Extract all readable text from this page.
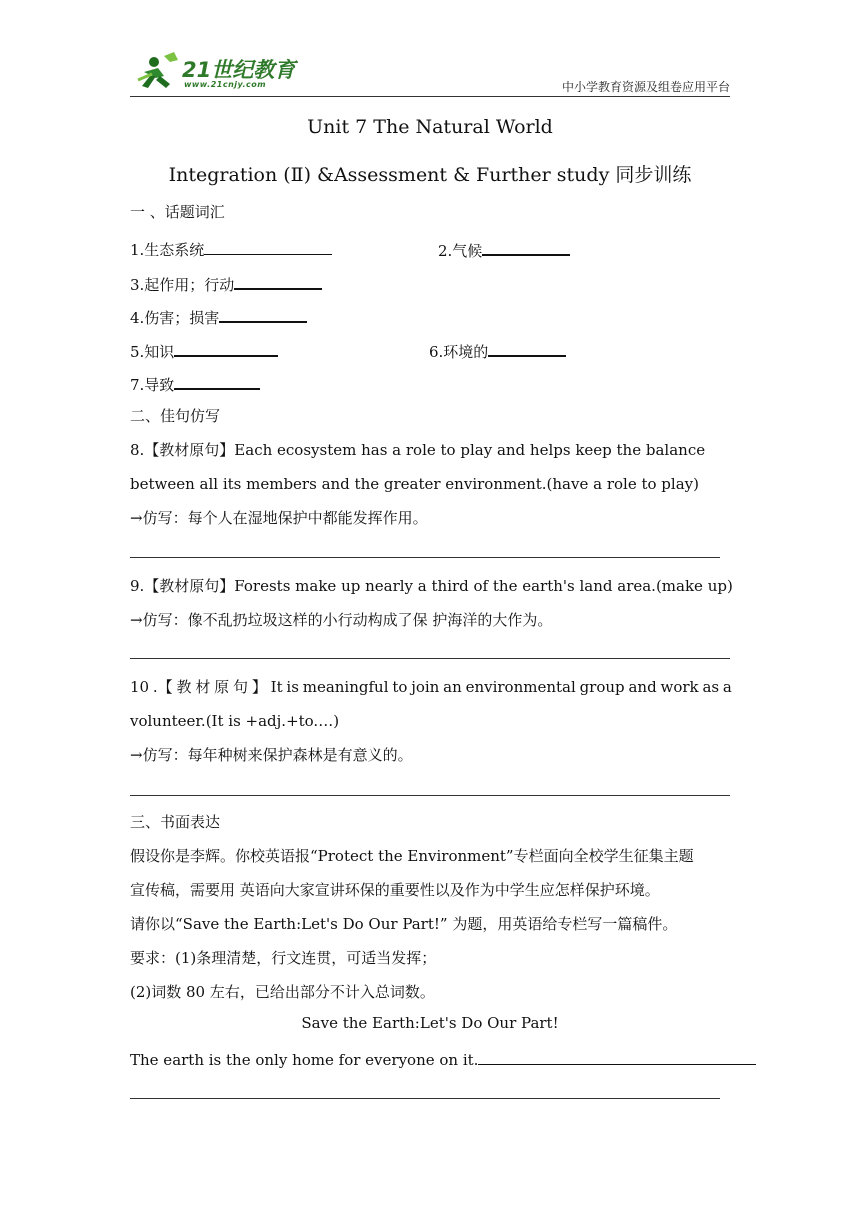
21世纪教育
www.21cnjy.com	中小学教育资源及组卷应用平台
Unit 7 The Natural World
Integration (Ⅱ) &Assessment & Further study 同步训练
一 、话题词汇
1.生态系统	2.气候
3.起作用；行动
4.伤害；损害
5.知识	6.环境的
7.导致
二、佳句仿写
8.【教材原句】Each ecosystem has a role to play and helps keep the balance
between all its members and the greater environment.(have a role to play)
→仿写：每个人在湿地保护中都能发挥作用。
9.【教材原句】Forests make up nearly a third of the earth's land area.(make up)
→仿写：像不乱扔垃圾这样的小行动构成了保 护海洋的大作为。
10 .【 教 材 原 句 】 It is meaningful to join an environmental group and work as a
volunteer.(It is +adj.+to.…)
→仿写：每年种树来保护森林是有意义的。
三、书面表达
假设你是李辉。你校英语报“Protect the Environment”专栏面向全校学生征集主题
宣传稿，需要用 英语向大家宣讲环保的重要性以及作为中学生应怎样保护环境。
请你以“Save the Earth:Let's Do Our Part!” 为题，用英语给专栏写一篇稿件。
要求：(1)条理清楚，行文连贯，可适当发挥；
(2)词数 80 左右，已给出部分不计入总词数。
Save the Earth:Let's Do Our Part!
The earth is the only home for everyone on it.
